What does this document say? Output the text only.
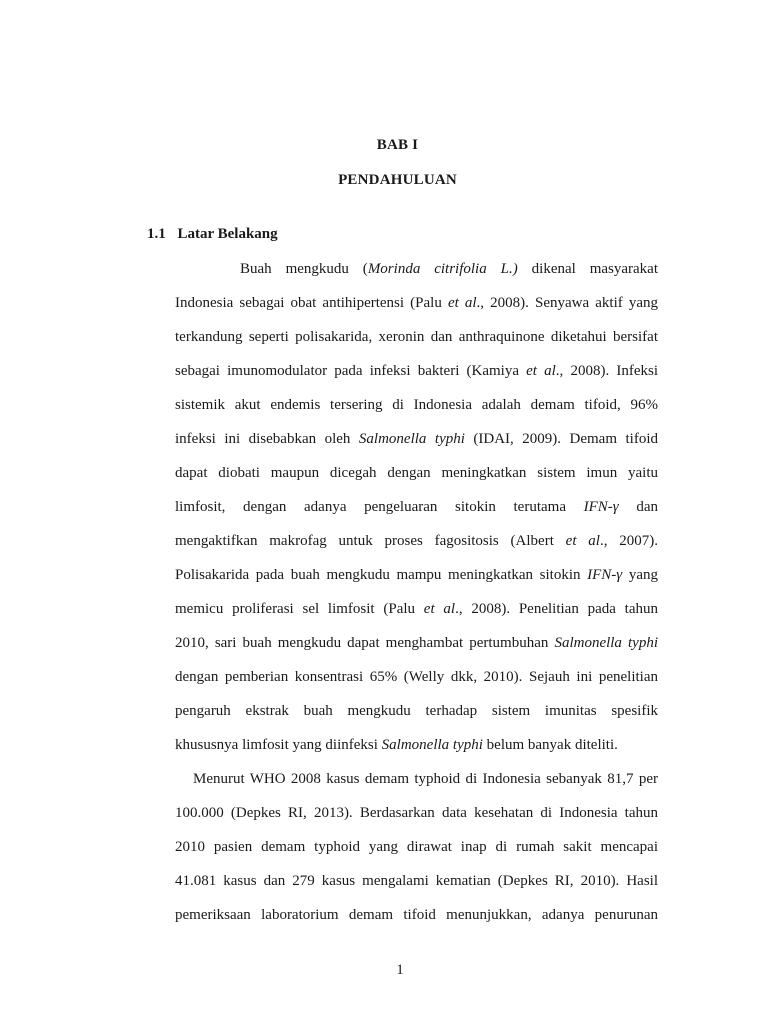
BAB I
PENDAHULUAN
1.1 Latar Belakang
Buah mengkudu (Morinda citrifolia L.) dikenal masyarakat
Indonesia sebagai obat antihipertensi (Palu et al., 2008). Senyawa aktif yang
terkandung seperti polisakarida, xeronin dan anthraquinone diketahui bersifat
sebagai imunomodulator pada infeksi bakteri (Kamiya et al., 2008). Infeksi
sistemik akut endemis tersering di Indonesia adalah demam tifoid, 96%
infeksi ini disebabkan oleh Salmonella typhi (IDAI, 2009). Demam tifoid
dapat diobati maupun dicegah dengan meningkatkan sistem imun yaitu
limfosit, dengan adanya pengeluaran sitokin terutama IFN-γ dan
mengaktifkan makrofag untuk proses fagositosis (Albert et al., 2007).
Polisakarida pada buah mengkudu mampu meningkatkan sitokin IFN-γ yang
memicu proliferasi sel limfosit (Palu et al., 2008). Penelitian pada tahun
2010, sari buah mengkudu dapat menghambat pertumbuhan Salmonella typhi
dengan pemberian konsentrasi 65% (Welly dkk, 2010). Sejauh ini penelitian
pengaruh ekstrak buah mengkudu terhadap sistem imunitas spesifik
khususnya limfosit yang diinfeksi Salmonella typhi belum banyak diteliti.
Menurut WHO 2008 kasus demam typhoid di Indonesia sebanyak 81,7 per
100.000 (Depkes RI, 2013). Berdasarkan data kesehatan di Indonesia tahun
2010 pasien demam typhoid yang dirawat inap di rumah sakit mencapai
41.081 kasus dan 279 kasus mengalami kematian (Depkes RI, 2010). Hasil
pemeriksaan laboratorium demam tifoid menunjukkan, adanya penurunan
1
